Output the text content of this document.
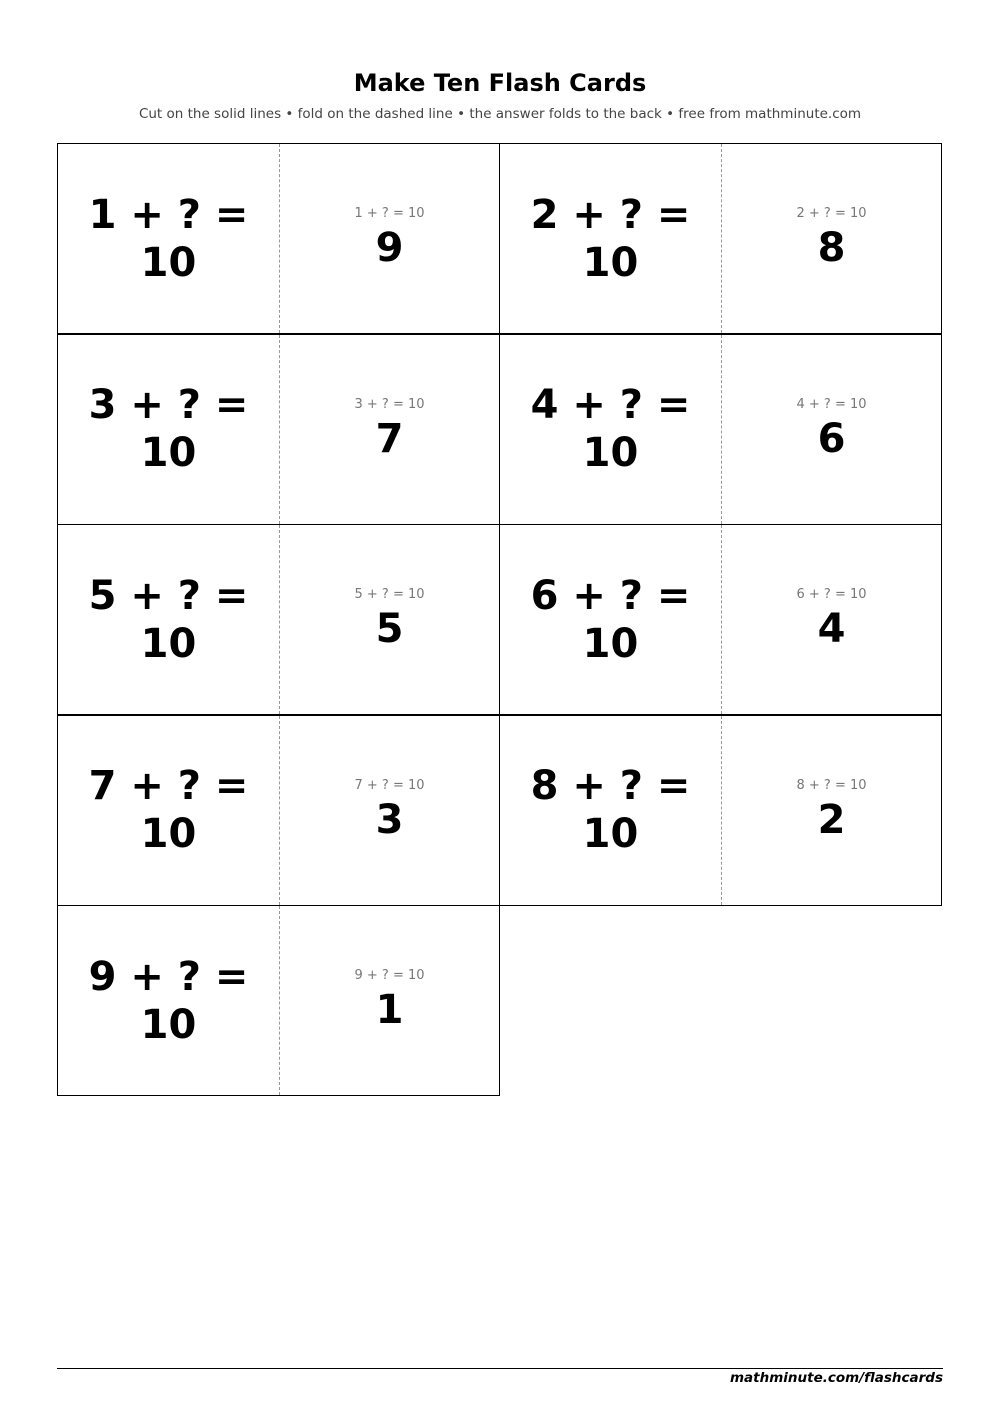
Make Ten Flash Cards
Cut on the solid lines • fold on the dashed line • the answer folds to the back • free from mathminute.com
1 + ? =
10
1 + ? = 10
9
2 + ? =
10
2 + ? = 10
8
3 + ? =
10
3 + ? = 10
7
4 + ? =
10
4 + ? = 10
6
5 + ? =
10
5 + ? = 10
5
6 + ? =
10
6 + ? = 10
4
7 + ? =
10
7 + ? = 10
3
8 + ? =
10
8 + ? = 10
2
9 + ? =
10
9 + ? = 10
1
mathminute.com/flashcards
